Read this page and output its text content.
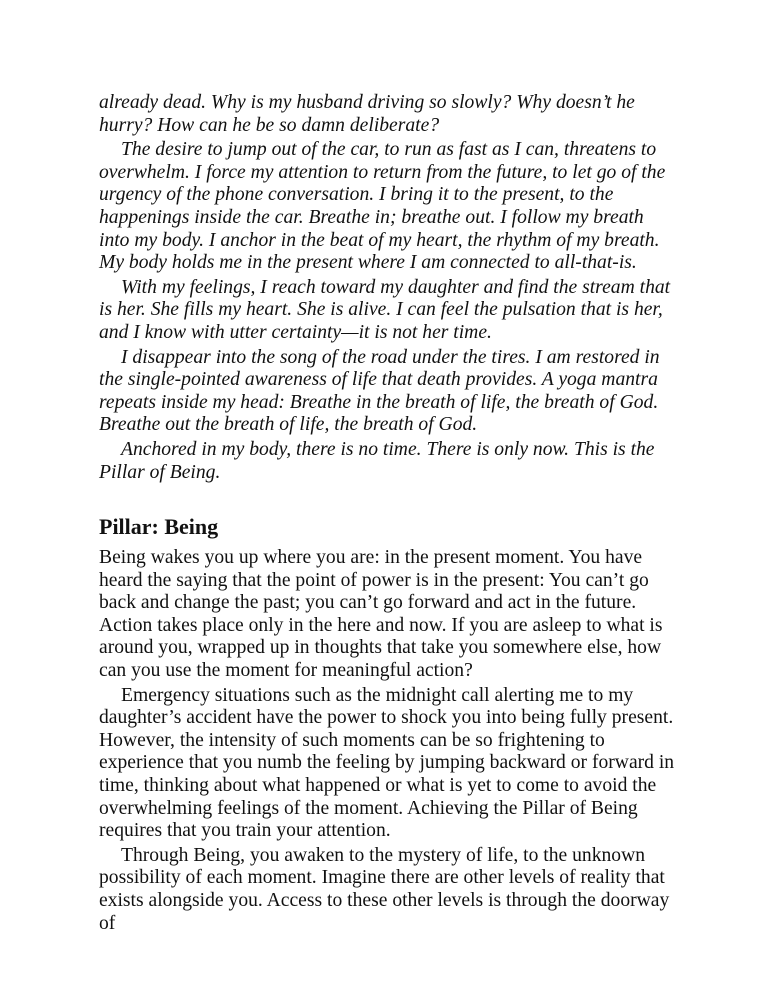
already dead. Why is my husband driving so slowly? Why doesn’t he hurry? How can he be so damn deliberate?

The desire to jump out of the car, to run as fast as I can, threatens to overwhelm. I force my attention to return from the future, to let go of the urgency of the phone conversation. I bring it to the present, to the happenings inside the car. Breathe in; breathe out. I follow my breath into my body. I anchor in the beat of my heart, the rhythm of my breath. My body holds me in the present where I am connected to all-that-is.

With my feelings, I reach toward my daughter and find the stream that is her. She fills my heart. She is alive. I can feel the pulsation that is her, and I know with utter certainty—it is not her time.

I disappear into the song of the road under the tires. I am restored in the single-pointed awareness of life that death provides. A yoga mantra repeats inside my head: Breathe in the breath of life, the breath of God. Breathe out the breath of life, the breath of God.

Anchored in my body, there is no time. There is only now. This is the Pillar of Being.

Pillar: Being

Being wakes you up where you are: in the present moment. You have heard the saying that the point of power is in the present: You can’t go back and change the past; you can’t go forward and act in the future. Action takes place only in the here and now. If you are asleep to what is around you, wrapped up in thoughts that take you somewhere else, how can you use the moment for meaningful action?

Emergency situations such as the midnight call alerting me to my daughter’s accident have the power to shock you into being fully present. However, the intensity of such moments can be so frightening to experience that you numb the feeling by jumping backward or forward in time, thinking about what happened or what is yet to come to avoid the overwhelming feelings of the moment. Achieving the Pillar of Being requires that you train your attention.

Through Being, you awaken to the mystery of life, to the unknown possibility of each moment. Imagine there are other levels of reality that exists alongside you. Access to these other levels is through the doorway of
